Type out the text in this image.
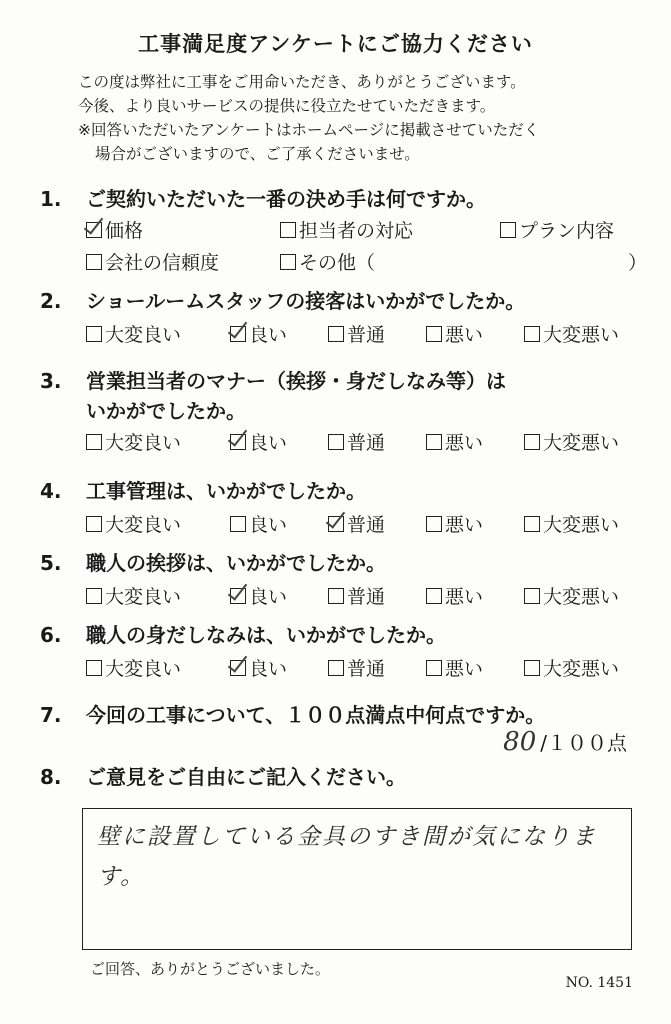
工事満足度アンケートにご協力ください
この度は弊社に工事をご用命いただき、ありがとうございます。
今後、より良いサービスの提供に役立たせていただきます。
※回答いただいたアンケートはホームページに掲載させていただく
場合がございますので、ご了承くださいませ。
1.	ご契約いただいた一番の決め手は何ですか。
価格	担当者の対応	プラン内容
会社の信頼度	その他（	）
2.	ショールームスタッフの接客はいかがでしたか。
大変良い	良い	普通	悪い	大変悪い
3.	営業担当者のマナー（挨拶・身だしなみ等）は
いかがでしたか。
大変良い	良い	普通	悪い	大変悪い
4.	工事管理は、いかがでしたか。
大変良い	良い	普通	悪い	大変悪い
5.	職人の挨拶は、いかがでしたか。
大変良い	良い	普通	悪い	大変悪い
6.	職人の身だしなみは、いかがでしたか。
大変良い	良い	普通	悪い	大変悪い
7.	今回の工事について、１００点満点中何点ですか。
80 /１００点
8.	ご意見をご自由にご記入ください。
壁に設置している金具のすき間が気になります。
ご回答、ありがとうございました。
NO. 1451
